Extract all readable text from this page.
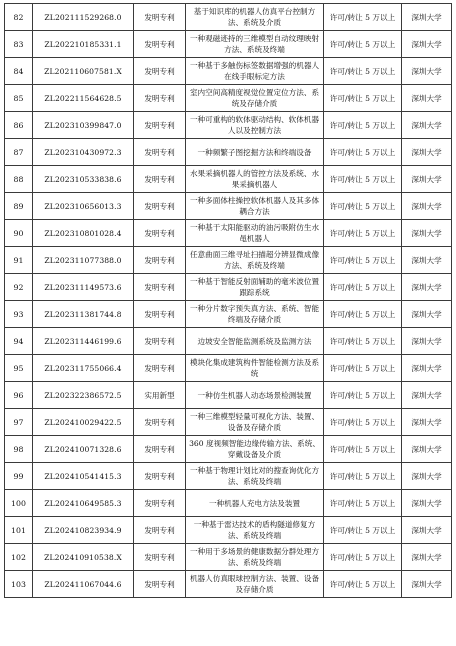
82	ZL202111529268.0	发明专利	基于知识库的机器人仿真平台控制方法、系统及介质	许可/转让 5 万以上	深圳大学
83	ZL202210185331.1	发明专利	一种观磁迹持的三维模型自动纹理映射方法、系统及终端	许可/转让 5 万以上	深圳大学
84	ZL202110607581.X	发明专利	一种基于多触伤标签数据增强的机器人在线手眼标定方法	许可/转让 5 万以上	深圳大学
85	ZL202211564628.5	发明专利	室内空间高精度视觉位置定位方法、系统及存储介质	许可/转让 5 万以上	深圳大学
86	ZL202310399847.0	发明专利	一种可重构的软体驱动结构、软体机器人以及控制方法	许可/转让 5 万以上	深圳大学
87	ZL202310430972.3	发明专利	一种频繁子图挖掘方法和终端设备	许可/转让 5 万以上	深圳大学
88	ZL202310533838.6	发明专利	水果采摘机器人的管控方法及系统、水果采摘机器人	许可/转让 5 万以上	深圳大学
89	ZL202310656013.3	发明专利	一种多面体柱操控软体机器人及其多体耦合方法	许可/转让 5 万以上	深圳大学
90	ZL202310801028.4	发明专利	一种基于太阳能驱动的油污吸附仿生水黾机器人	许可/转让 5 万以上	深圳大学
91	ZL202311077388.0	发明专利	任意曲面三维寻址扫描超分辨显微成像方法、系统及终端	许可/转让 5 万以上	深圳大学
92	ZL202311149573.6	发明专利	一种基于智能反射面辅助的毫米波位置跟踪系统	许可/转让 5 万以上	深圳大学
93	ZL202311381744.8	发明专利	一种分片数字预失真方法、系统、智能终端及存储介质	许可/转让 5 万以上	深圳大学
94	ZL202311446199.6	发明专利	边坡安全智能监测系统及监测方法	许可/转让 5 万以上	深圳大学
95	ZL202311755066.4	发明专利	模块化集成建筑构件智能检测方法及系统	许可/转让 5 万以上	深圳大学
96	ZL202322386572.5	实用新型	一种仿生机器人动态场景检测装置	许可/转让 5 万以上	深圳大学
97	ZL202410029422.5	发明专利	一种三维模型轻量可视化方法、装置、设备及存储介质	许可/转让 5 万以上	深圳大学
98	ZL202410071328.6	发明专利	360 度视频智能边缘传输方法、系统、穿戴设备及介质	许可/转让 5 万以上	深圳大学
99	ZL202410541415.3	发明专利	一种基于物理计划比对的搜查询优化方法、系统及终端	许可/转让 5 万以上	深圳大学
100	ZL202410649585.3	发明专利	一种机器人充电方法及装置	许可/转让 5 万以上	深圳大学
101	ZL202410823934.9	发明专利	一种基于雷达技术的盾构隧道修复方法、系统及终端	许可/转让 5 万以上	深圳大学
102	ZL202410910538.X	发明专利	一种用于多场景的健康数据分群处理方法、系统及终端	许可/转让 5 万以上	深圳大学
103	ZL202411067044.6	发明专利	机器人仿真眼球控制方法、装置、设备及存储介质	许可/转让 5 万以上	深圳大学
